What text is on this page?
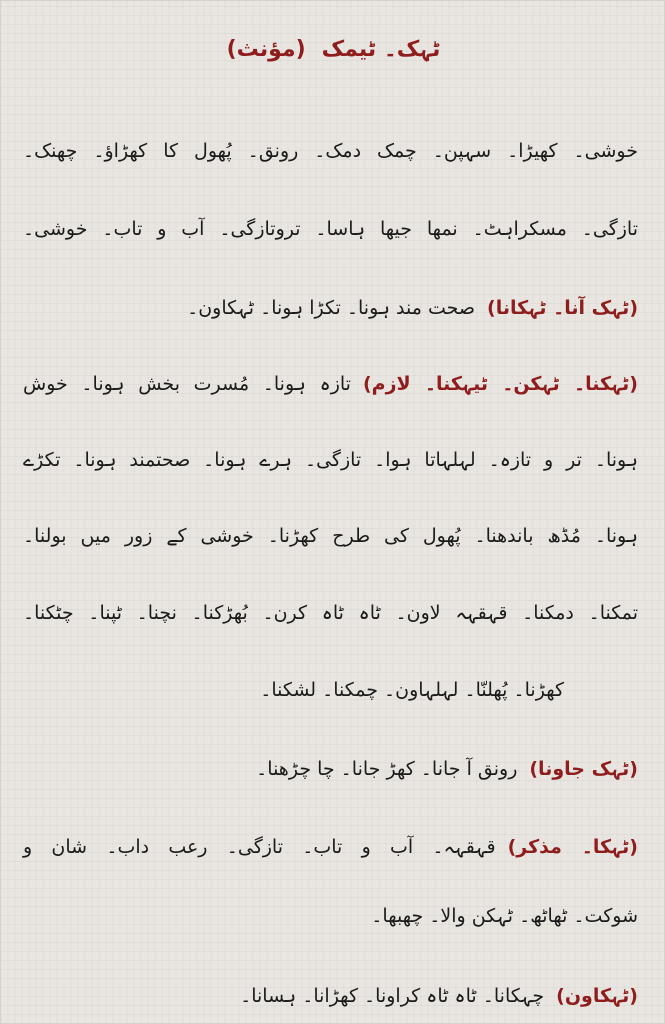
ٹہک۔ ٹیمک(مؤنث)
خوشی۔ کھیڑا۔ سہپن۔ چمک دمک۔ رونق۔ پُھول کا کھڑاؤ۔ چھنک۔
تازگی۔ مسکراہٹ۔ نمھا جیھا ہاسا۔ تروتازگی۔ آب و تاب۔ خوشی۔
(ٹہک آنا۔ ٹہکانا)صحت مند ہونا۔ تکڑا ہونا۔ ٹہکاون۔
(ٹہکنا۔ ٹہکن۔ ٹیہکنا۔ لازم)تازہ ہونا۔ مُسرت بخش ہونا۔ خوش
ہونا۔ تر و تازہ۔ لہلہاتا ہوا۔ تازگی۔ ہرے ہونا۔ صحتمند ہونا۔ تکڑے
ہونا۔ مُڈھ باندھنا۔ پُھول کی طرح کھڑنا۔ خوشی کے زور میں بولنا۔
تمکنا۔ دمکنا۔ قہقہہ لاون۔ ٹاہ ٹاہ کرن۔ بُھڑکنا۔ نچنا۔ ٹپنا۔ چٹکنا۔
کھڑنا۔ پُھلنّا۔ لہلہاون۔ چمکنا۔ لشکنا۔
(ٹہک جاونا)رونق آ جانا۔ کھڑ جانا۔ چا چڑھنا۔
(ٹہکا۔ مذکر)قہقہہ۔ آب و تاب۔ تازگی۔ رعب داب۔ شان و
شوکت۔ ٹھاٹھ۔ ٹہکن والا۔ چھبھا۔
(ٹہکاون)چہکانا۔ ٹاہ ٹاہ کراونا۔ کھڑانا۔ ہسانا۔
